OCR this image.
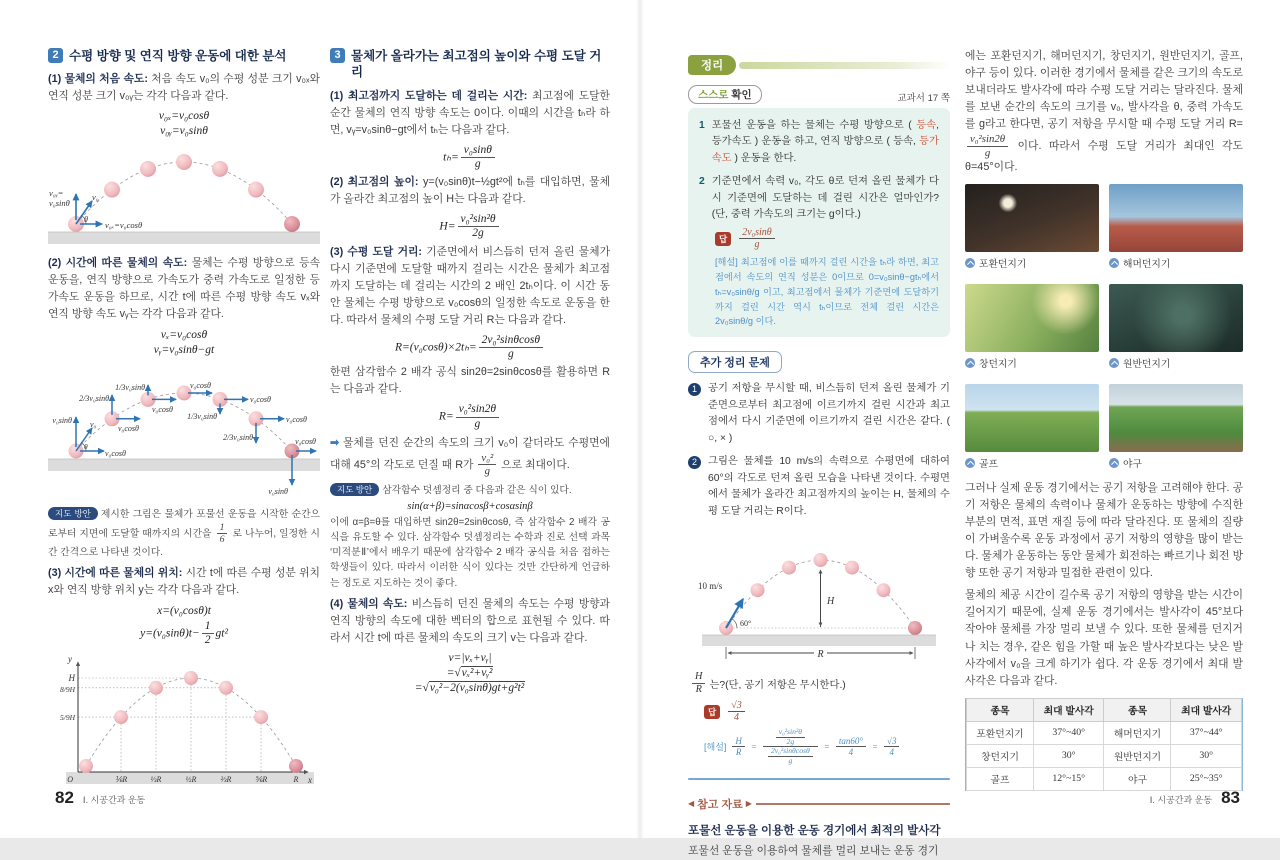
2 수평 방향 및 연직 방향 운동에 대한 분석

(1) 물체의 처음 속도: 처음 속도 v₀의 수평 성분 크기 v₀ₓ와 연직 성분 크기 v₀ᵧ는 각각 다음과 같다.

v₀ₓ=v₀cosθ
v₀ᵧ=v₀sinθ
v₀ᵧ=
v₀sinθ
v₀
θ
v₀ₓ=v₀cosθ

(2) 시간에 따른 물체의 속도: 물체는 수평 방향으로 등속 운동을, 연직 방향으로 가속도가 중력 가속도로 일정한 등가속도 운동을 하므로, 시간 t에 따른 수평 방향 속도 vₓ와 연직 방향 속도 vᵧ는 각각 다음과 같다.

vₓ=v₀cosθ
vᵧ=v₀sinθ−gt
v₀sinθ v₀
θ
v₀cosθ
2/3v₀sinθ
v₀cosθ
1/3v₀sinθ
v₀cosθ
v₀cosθ
v₀cosθ
1/3v₀sinθ	v₀cosθ
2/3v₀sinθ	v₀cosθ
v₀sinθ

지도 방안 제시한 그림은 물체가 포물선 운동을 시작한 순간으로부터 지면에 도달할 때까지의 시간을 $\frac{1}{6}$ 로 나누어, 일정한 시간 간격으로 나타낸 것이다.

(3) 시간에 따른 물체의 위치: 시간 t에 따른 수평 성분 위치 x와 연직 방향 위치 y는 각각 다음과 같다.

x=(v₀cosθ)t
$y=(v_0\sin\theta)t- \frac{1}{2} gt^2$
y
x
H
8/9H
5/9H
O	⅙R	⅓R	½R	⅔R	⅚R	R
3 물체가 올라가는 최고점의 높이와 수평 도달 거리

(1) 최고점까지 도달하는 데 걸리는 시간: 최고점에 도달한 순간 물체의 연직 방향 속도는 0이다. 이때의 시간을 tₕ라 하면, vᵧ=v₀sinθ−gt에서 tₕ는 다음과 같다.

$t_h= \frac{\text{v₀sinθ}}{g}$

(2) 최고점의 높이: y=(v₀sinθ)t−½gt²에 tₕ를 대입하면, 물체가 올라간 최고점의 높이 H는 다음과 같다.

$H= \frac{\text{v₀²sin²θ}}{2g}$

(3) 수평 도달 거리: 기준면에서 비스듬히 던져 올린 물체가 다시 기준면에 도달할 때까지 걸리는 시간은 물체가 최고점까지 도달하는 데 걸리는 시간의 2 배인 2tₕ이다. 이 시간 동안 물체는 수평 방향으로 v₀cosθ의 일정한 속도로 운동을 한다. 따라서 물체의 수평 도달 거리 R는 다음과 같다.

$R=(v_0\cos\theta)\times 2t_h= \frac{\text{2v₀²sinθcosθ}}{g}$

한편 삼각함수 2 배각 공식 sin2θ=2sinθcosθ를 활용하면 R는 다음과 같다.

$R= \frac{\text{v₀²sin2θ}}{g}$

➡ 물체를 던진 순간의 속도의 크기 v₀이 같더라도 수평면에 대해 45°의 각도로 던질 때 R가 $\frac{\text{v₀²}}{g}$ 으로 최대이다.

지도 방안 삼각함수 덧셈정리 중 다음과 같은 식이 있다.

sin(α+β)=sinαcosβ+cosαsinβ

이에 α=β=θ를 대입하면 sin2θ=2sinθcosθ, 즉 삼각함수 2 배각 공식을 유도할 수 있다. 삼각함수 덧셈정리는 수학과 진로 선택 과목 ‘미적분Ⅱ’에서 배우기 때문에 삼각함수 2 배각 공식을 처음 접하는 학생들이 있다. 따라서 이러한 식이 있다는 것만 간단하게 언급하는 정도로 지도하는 것이 좋다.

(4) 물체의 속도: 비스듬히 던진 물체의 속도는 수평 방향과 연직 방향의 속도에 대한 벡터의 합으로 표현될 수 있다. 따라서 시간 t에 따른 물체의 속도의 크기 v는 다음과 같다.

v=|vₓ+vᵧ|
=√vₓ²+vᵧ²
=√v₀²−2(v₀sinθ)gt+g²t²
정리
스스로 확인	교과서 17 쪽
1 포물선 운동을 하는 물체는 수평 방향으로 ( 등속, 등가속도 ) 운동을 하고, 연직 방향으로 ( 등속, 등가속도 ) 운동을 한다.
2 기준면에서 속력 v₀, 각도 θ로 던져 올린 물체가 다시 기준면에 도달하는 데 걸린 시간은 얼마인가?(단, 중력 가속도의 크기는 g이다.)
답	$\frac{\text{2v₀sinθ}}{g}$

[해설] 최고점에 이를 때까지 걸린 시간을 tₕ라 하면, 최고점에서 속도의 연직 성분은 0이므로 0=v₀sinθ−gtₕ에서 tₕ=v₀sinθ/g 이고, 최고점에서 물체가 기준면에 도달하기까지 걸린 시간 역시 tₕ이므로 전체 걸린 시간은 2v₀sinθ/g 이다.

추가 정리 문제
1	공기 저항을 무시할 때, 비스듬히 던져 올린 물체가 기준면으로부터 최고점에 이르기까지 걸린 시간과 최고점에서 다시 기준면에 이르기까지 걸린 시간은 같다. ( ○, × )
2	그림은 물체를 10 m/s의 속력으로 수평면에 대하여 60°의 각도로 던져 올린 모습을 나타낸 것이다. 수평면에서 물체가 올라간 최고점까지의 높이는 H, 물체의 수평 도달 거리는 R이다.
10 m/s
60°
H
R
$\frac{H}{R}$ 는?(단, 공기 저항은 무시한다.)
답	$\frac{√3}{4}$
[해설] $\frac{H}{R} = \frac{\frac{\text{v₀²sin²θ}}{2g}}{\frac{\text{2v₀²sinθcosθ}}{g}} = \frac{\tan 60^\circ}{4} = \frac{√3}{4}$
◀ 참고 자료 ▶
포물선 운동을 이용한 운동 경기에서 최적의 발사각
포물선 운동을 이용하여 물체를 멀리 보내는 운동 경기

에는 포환던지기, 해머던지기, 창던지기, 원반던지기, 골프, 야구 등이 있다. 이러한 경기에서 물체를 같은 크기의 속도로 보내더라도 발사각에 따라 수평 도달 거리는 달라진다. 물체를 보낸 순간의 속도의 크기를 v₀, 발사각을 θ, 중력 가속도를 g라고 한다면, 공기 저항을 무시할 때 수평 도달 거리 R=
$\frac{\text{v₀²sin2θ}}{g}$ 이다. 따라서 수평 도달 거리가 최대인 각도 θ=45°이다.

포환던지기	해머던지기
창던지기	원반던지기
골프	야구

그러나 실제 운동 경기에서는 공기 저항을 고려해야 한다. 공기 저항은 물체의 속력이나 물체가 운동하는 방향에 수직한 부분의 면적, 표면 재질 등에 따라 달라진다. 또 물체의 질량이 가벼울수록 운동 과정에서 공기 저항의 영향을 많이 받는다. 물체가 운동하는 동안 물체가 회전하는 빠르기나 회전 방향 또한 공기 저항과 밀접한 관련이 있다.

물체의 체공 시간이 길수록 공기 저항의 영향을 받는 시간이 길어지기 때문에, 실제 운동 경기에서는 발사각이 45°보다 작아야 물체를 가장 멀리 보낼 수 있다. 또한 물체를 던지거나 치는 경우, 같은 힘을 가할 때 높은 발사각보다는 낮은 발사각에서 v₀을 크게 하기가 쉽다. 각 운동 경기에서 최대 발사각은 다음과 같다.

종목	최대 발사각	종목	최대 발사각
포환던지기	37°~40°	해머던지기	37°~44°
창던지기	30°	원반던지기	30°
골프	12°~15°	야구	25°~35°
82 Ⅰ. 시공간과 운동	Ⅰ. 시공간과 운동 83
